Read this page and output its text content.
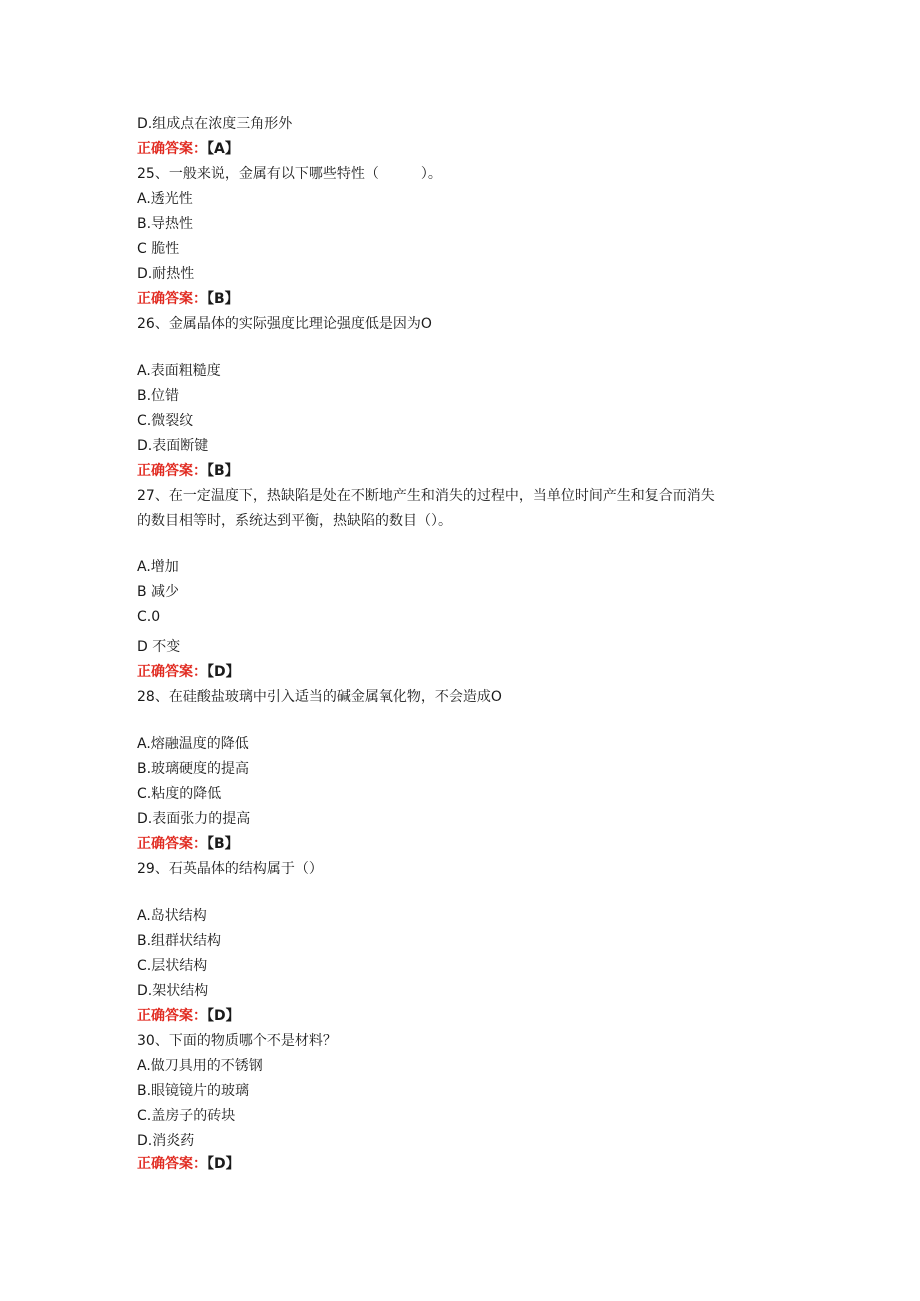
D.组成点在浓度三角形外
正确答案：【A】
25、一般来说，金属有以下哪些特性（　　　）。
A.透光性
B.导热性
C 脆性
D.耐热性
正确答案：【B】
26、金属晶体的实际强度比理论强度低是因为O
A.表面粗糙度
B.位错
C.微裂纹
D.表面断键
正确答案：【B】
27、在一定温度下，热缺陷是处在不断地产生和消失的过程中，当单位时间产生和复合而消失
的数目相等时，系统达到平衡，热缺陷的数目（）。
A.增加
B 减少
C.0
D 不变
正确答案：【D】
28、在硅酸盐玻璃中引入适当的碱金属氧化物，不会造成O
A.熔融温度的降低
B.玻璃硬度的提高
C.粘度的降低
D.表面张力的提高
正确答案：【B】
29、石英晶体的结构属于（）
A.岛状结构
B.组群状结构
C.层状结构
D.架状结构
正确答案：【D】
30、下面的物质哪个不是材料？
A.做刀具用的不锈钢
B.眼镜镜片的玻璃
C.盖房子的砖块
D.消炎药
正确答案：【D】
